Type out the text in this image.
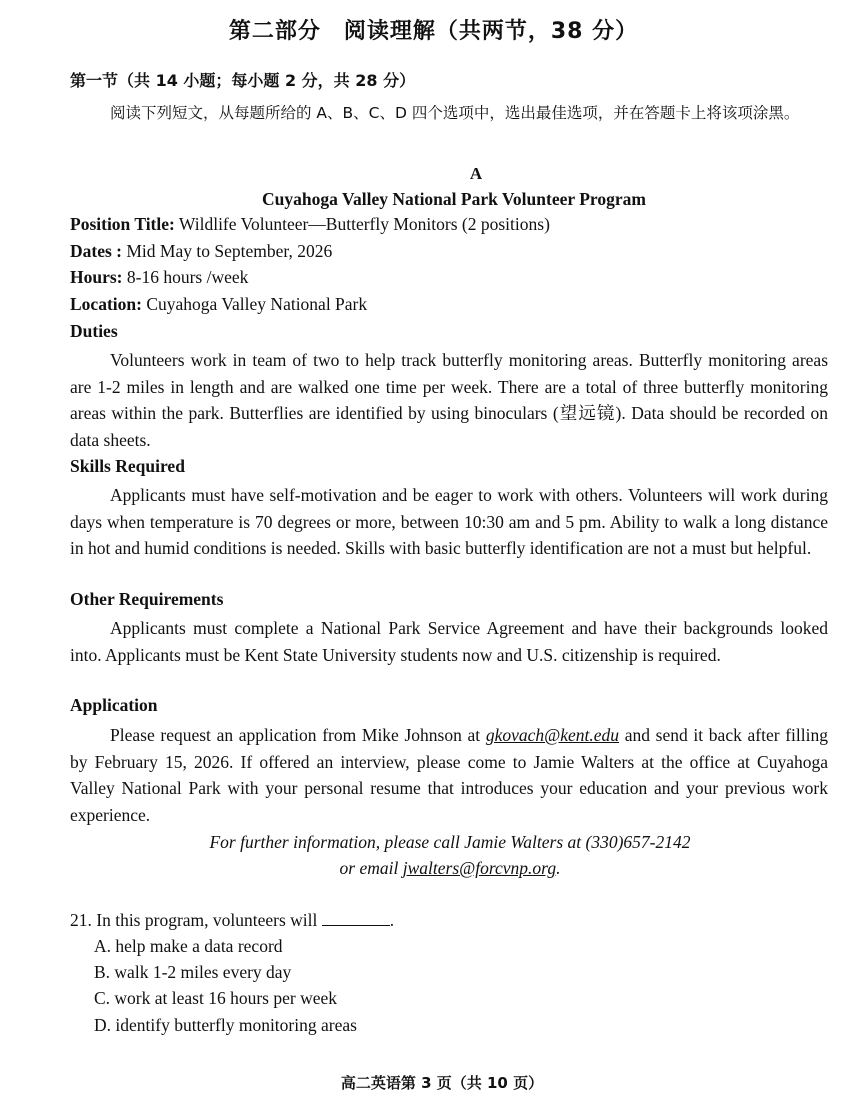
第二部分　阅读理解（共两节，38 分）
第一节（共 14 小题；每小题 2 分，共 28 分）
阅读下列短文，从每题所给的 A、B、C、D 四个选项中，选出最佳选项，并在答题卡上将该项涂黑。
A
Cuyahoga Valley National Park Volunteer Program
Position Title: Wildlife Volunteer—Butterfly Monitors (2 positions)
Dates : Mid May to September, 2026
Hours: 8-16 hours /week
Location: Cuyahoga Valley National Park
Duties

Volunteers work in team of two to help track butterfly monitoring areas. Butterfly monitoring areas are 1-2 miles in length and are walked one time per week. There are a total of three butterfly monitoring areas within the park. Butterflies are identified by using binoculars (望远镜). Data should be recorded on data sheets.

Skills Required

Applicants must have self-motivation and be eager to work with others. Volunteers will work during days when temperature is 70 degrees or more, between 10:30 am and 5 pm. Ability to walk a long distance in hot and humid conditions is needed. Skills with basic butterfly identification are not a must but helpful.

Other Requirements

Applicants must complete a National Park Service Agreement and have their backgrounds looked into. Applicants must be Kent State University students now and U.S. citizenship is required.

Application

Please request an application from Mike Johnson at gkovach@kent.edu and send it back after filling by February 15, 2026. If offered an interview, please come to Jamie Walters at the office at Cuyahoga Valley National Park with your personal resume that introduces your education and your previous work experience.

For further information, please call Jamie Walters at (330)657-2142
or email jwalters@forcvnp.org.
21. In this program, volunteers will	.
A. help make a data record
B. walk 1-2 miles every day
C. work at least 16 hours per week
D. identify butterfly monitoring areas
高二英语第 3 页（共 10 页）
